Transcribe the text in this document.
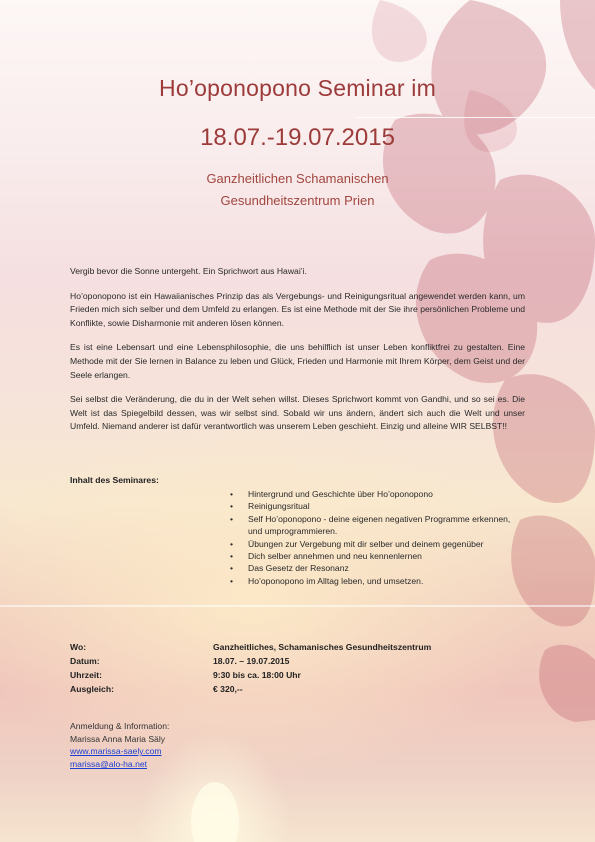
Ho’oponopono Seminar im
18.07.-19.07.2015
Ganzheitlichen Schamanischen
Gesundheitszentrum Prien

Vergib bevor die Sonne untergeht. Ein Sprichwort aus Hawai’i.

Ho’oponopono ist ein Hawaiianisches Prinzip das als Vergebungs- und Reinigungsritual angewendet werden kann, um Frieden mich sich selber und dem Umfeld zu erlangen. Es ist eine Methode mit der Sie ihre persönlichen Probleme und Konflikte, sowie Disharmonie mit anderen lösen können.

Es ist eine Lebensart und eine Lebensphilosophie, die uns behilflich ist unser Leben konfliktfrei zu gestalten. Eine Methode mit der Sie lernen in Balance zu leben und Glück, Frieden und Harmonie mit Ihrem Körper, dem Geist und der Seele erlangen.

Sei selbst die Veränderung, die du in der Welt sehen willst. Dieses Sprichwort kommt von Gandhi, und so sei es. Die Welt ist das Spiegelbild dessen, was wir selbst sind. Sobald wir uns ändern, ändert sich auch die Welt und unser Umfeld. Niemand anderer ist dafür verantwortlich was unserem Leben geschieht. Einzig und alleine WIR SELBST!!

Inhalt des Seminares:
• Hintergrund und Geschichte über Ho’oponopono
• Reinigungsritual
• Self Ho’oponopono - deine eigenen negativen Programme erkennen, und umprogrammieren.
• Übungen zur Vergebung mit dir selber und deinem gegenüber
• Dich selber annehmen und neu kennenlernen
• Das Gesetz der Resonanz
• Ho’oponopono im Alltag leben, und umsetzen.
Wo:	Ganzheitliches, Schamanisches Gesundheitszentrum
Datum:	18.07. – 19.07.2015
Uhrzeit:	9:30 bis ca. 18:00 Uhr
Ausgleich:	€ 320,--
Anmeldung & Information:
Marissa Anna Maria Säly
www.marissa-saely.com
marissa@alo-ha.net
